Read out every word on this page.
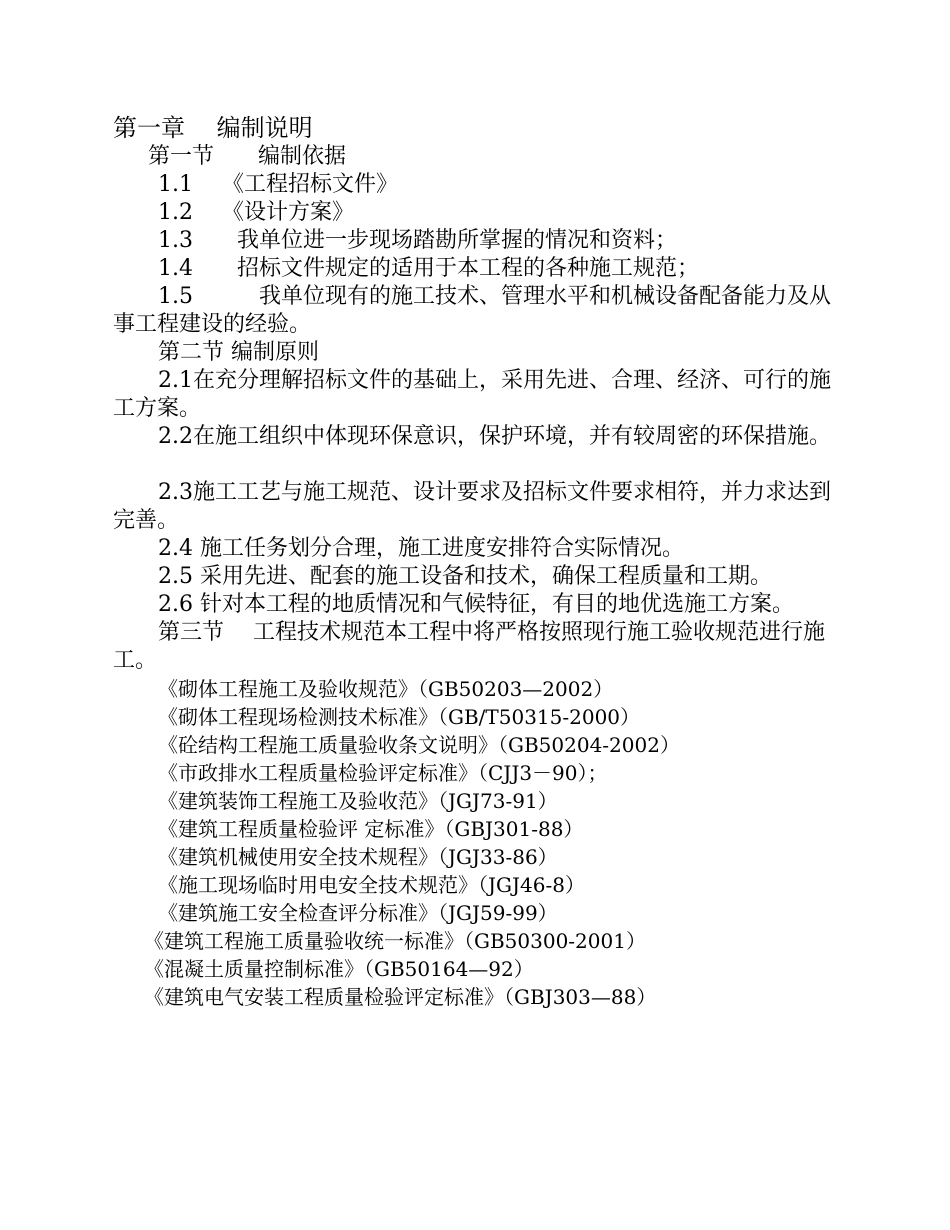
第一章　 编制说明
第一节　　编制依据
1.1　 《工程招标文件》
1.2　 《设计方案》
1.3　　我单位进一步现场踏勘所掌握的情况和资料；
1.4　　招标文件规定的适用于本工程的各种施工规范；
1.5　　　我单位现有的施工技术、管理水平和机械设备配备能力及从事工程建设的经验。
第二节 编制原则
2.1在充分理解招标文件的基础上，采用先进、合理、经济、可行的施工方案。
2.2在施工组织中体现环保意识，保护环境，并有较周密的环保措施。
2.3施工工艺与施工规范、设计要求及招标文件要求相符，并力求达到完善。
2.4 施工任务划分合理，施工进度安排符合实际情况。
2.5 采用先进、配套的施工设备和技术，确保工程质量和工期。
2.6 针对本工程的地质情况和气候特征，有目的地优选施工方案。
第三节　 工程技术规范本工程中将严格按照现行施工验收规范进行施工。
《砌体工程施工及验收规范》（GB50203—2002）
《砌体工程现场检测技术标准》（GB/T50315-2000）
《砼结构工程施工质量验收条文说明》（GB50204-2002）
《市政排水工程质量检验评定标准》（CJJ3－90）；
《建筑装饰工程施工及验收范》（JGJ73-91）
《建筑工程质量检验评 定标准》（GBJ301-88）
《建筑机械使用安全技术规程》（JGJ33-86）
《施工现场临时用电安全技术规范》（JGJ46-8）
《建筑施工安全检查评分标准》（JGJ59-99）
《建筑工程施工质量验收统一标准》（GB50300-2001）
《混凝土质量控制标准》（GB50164—92）
《建筑电气安装工程质量检验评定标准》（GBJ303—88）
